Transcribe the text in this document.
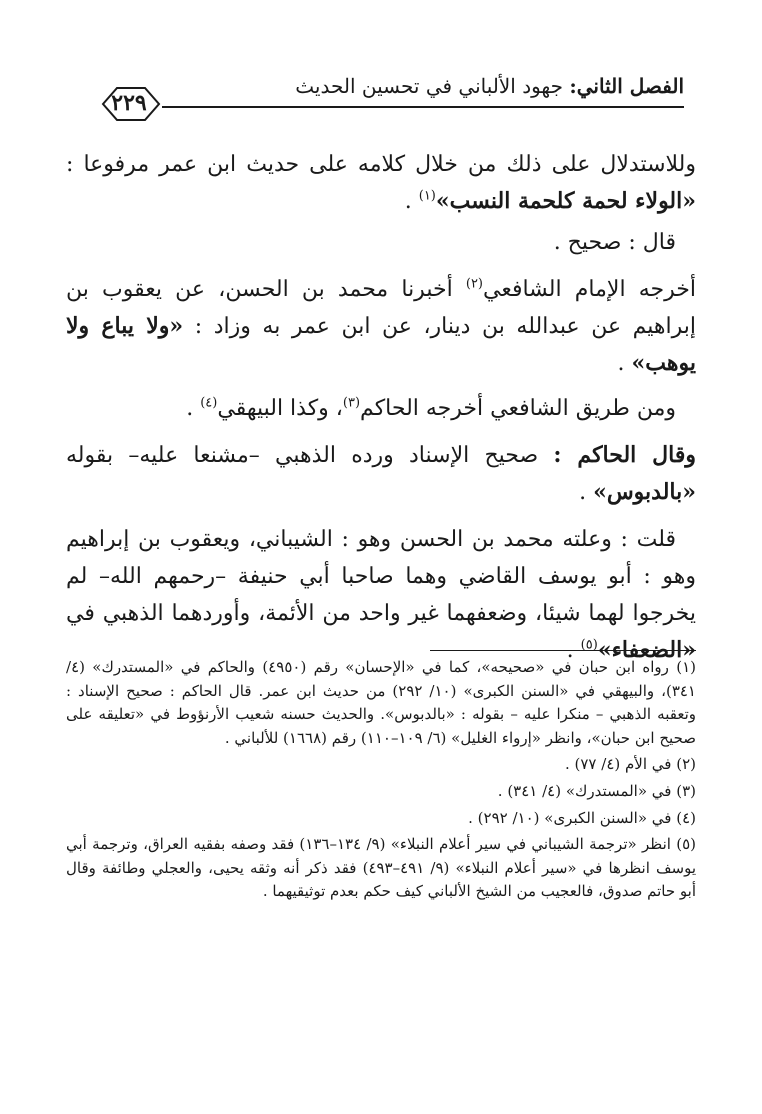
الفصل الثاني: جهود الألباني في تحسين الحديث
٢٢٩

وللاستدلال على ذلك من خلال كلامه على حديث ابن عمر مرفوعا : «الولاء لحمة كلحمة النسب»$^{(١)}$ .

قال : صحيح .

أخرجه الإمام الشافعي$^{(٢)}$ أخبرنا محمد بن الحسن، عن يعقوب بن إبراهيم عن عبدالله بن دينار، عن ابن عمر به وزاد : «ولا يباع ولا يوهب» .

ومن طريق الشافعي أخرجه الحاكم$^{(٣)}$، وكذا البيهقي$^{(٤)}$ .

وقال الحاكم : صحيح الإسناد ورده الذهبي –مشنعا عليه– بقوله «بالدبوس» .

قلت : وعلته محمد بن الحسن وهو : الشيباني، ويعقوب بن إبراهيم وهو : أبو يوسف القاضي وهما صاحبا أبي حنيفة –رحمهم الله– لم يخرجوا لهما شيئا، وضعفهما غير واحد من الأئمة، وأوردهما الذهبي في «الضعفاء»$^{(٥)}$ .

(١) رواه ابن حبان في «صحيحه»، كما في «الإحسان» رقم (٤٩٥٠) والحاكم في «المستدرك» (٤/ ٣٤١)، والبيهقي في «السنن الكبرى» (١٠/ ٢٩٢) من حديث ابن عمر. قال الحاكم : صحيح الإسناد : وتعقبه الذهبي – منكرا عليه – بقوله : «بالدبوس». والحديث حسنه شعيب الأرنؤوط في «تعليقه على صحيح ابن حبان»، وانظر «إرواء الغليل» (٦/ ١٠٩–١١٠) رقم (١٦٦٨) للألباني .

(٢) في الأم (٤/ ٧٧) .

(٣) في «المستدرك» (٤/ ٣٤١) .

(٤) في «السنن الكبرى» (١٠/ ٢٩٢) .

(٥) انظر «ترجمة الشيباني في سير أعلام النبلاء» (٩/ ١٣٤–١٣٦) فقد وصفه بفقيه العراق، وترجمة أبي يوسف انظرها في «سير أعلام النبلاء» (٩/ ٤٩١–٤٩٣) فقد ذكر أنه وثقه يحيى، والعجلي وطائفة وقال أبو حاتم صدوق، فالعجيب من الشيخ الألباني كيف حكم بعدم توثيقيهما .
